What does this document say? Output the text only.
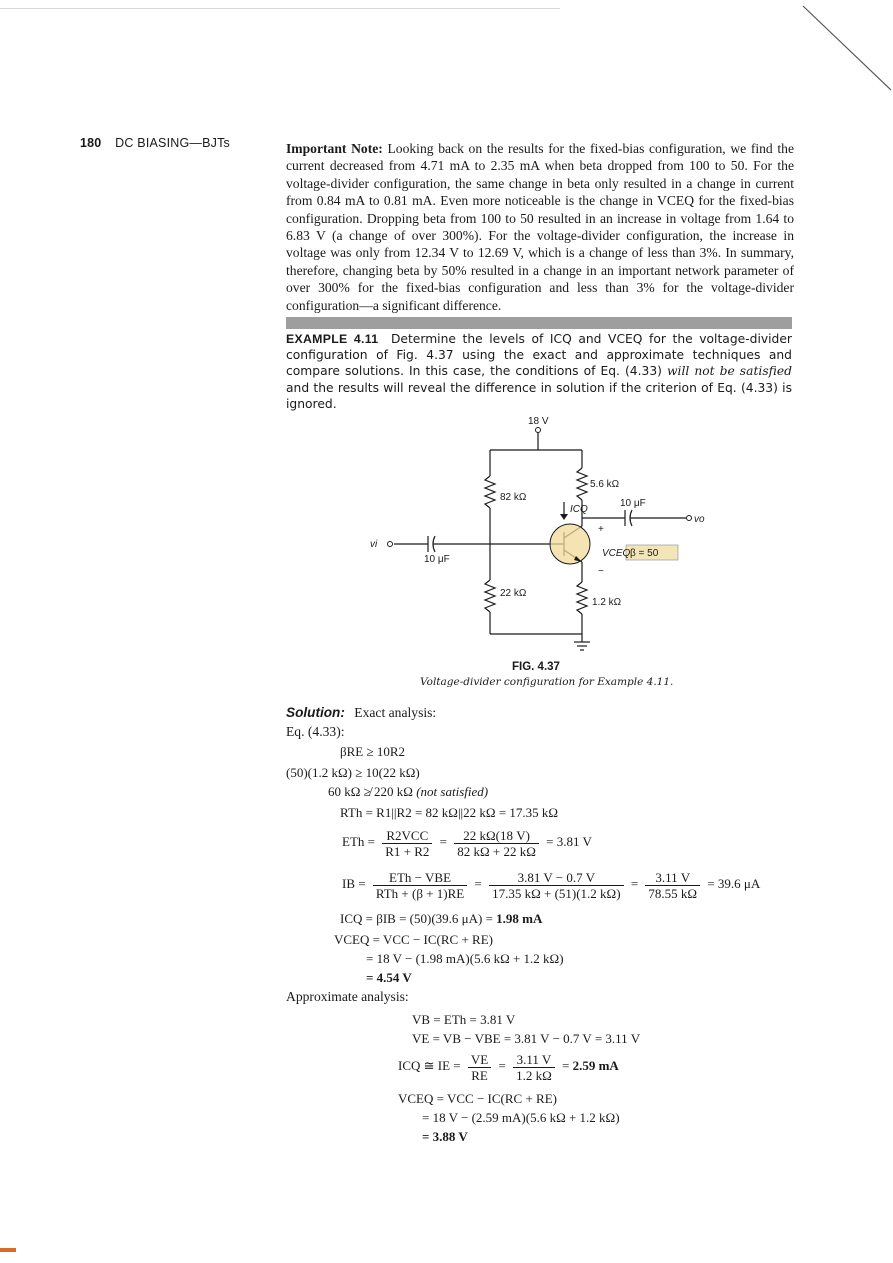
180 DC BIASING—BJTs	Important Note: Looking back on the results for the fixed-bias configuration, we find the current decreased from 4.71 mA to 2.35 mA when beta dropped from 100 to 50. For the voltage-divider configuration, the same change in beta only resulted in a change in current from 0.84 mA to 0.81 mA. Even more noticeable is the change in VCEQ for the fixed-bias configuration. Dropping beta from 100 to 50 resulted in an increase in voltage from 1.64 to 6.83 V (a change of over 300%). For the voltage-divider configuration, the increase in voltage was only from 12.34 V to 12.69 V, which is a change of less than 3%. In summary, therefore, changing beta by 50% resulted in a change in an important network parameter of over 300% for the fixed-bias configuration and less than 3% for the voltage-divider configuration—a significant difference.
EXAMPLE 4.11 Determine the levels of ICQ and VCEQ for the voltage-divider configuration of Fig. 4.37 using the exact and approximate techniques and compare solutions. In this case, the conditions of Eq. (4.33) will not be satisfied and the results will reveal the difference in solution if the criterion of Eq. (4.33) is ignored.
18 V
82 kΩ
22 kΩ
5.6 kΩ
1.2 kΩ
10 μF
10 μF
β = 50
vi
vo
ICQ
VCEQ
+
−
FIG. 4.37
Voltage-divider configuration for Example 4.11.
Solution: Exact analysis:
Eq. (4.33):
βRE ≥ 10R2
(50)(1.2 kΩ) ≥ 10(22 kΩ)
60 kΩ ≱ 220 kΩ (not satisfied)
RTh = R1||R2 = 82 kΩ||22 kΩ = 17.35 kΩ
ETh = $\frac{\text{R2VCC}}{R1 + R2} = \frac{22 k\Omega(18 V)}{82 k\Omega + 22 k\Omega} = 3.81$ V
IB = $\frac{\text{ETh − VBE}}{\text{RTh + (β + 1)RE}} = \frac{3.81 V - 0.7 V}{17.35 k\Omega + (51)(1.2 k\Omega)} = \frac{3.11 V}{78.55 k\Omega} = 39.6$ μA
ICQ = βIB = (50)(39.6 μA) = 1.98 mA
VCEQ = VCC − IC(RC + RE)
= 18 V − (1.98 mA)(5.6 kΩ + 1.2 kΩ)
= 4.54 V
Approximate analysis:
VB = ETh = 3.81 V
VE = VB − VBE = 3.81 V − 0.7 V = 3.11 V
ICQ ≅ IE = $\frac{VE}{RE} = \frac{3.11 V}{1.2 k\Omega} = 2.59$ mA
VCEQ = VCC − IC(RC + RE)
= 18 V − (2.59 mA)(5.6 kΩ + 1.2 kΩ)
= 3.88 V
